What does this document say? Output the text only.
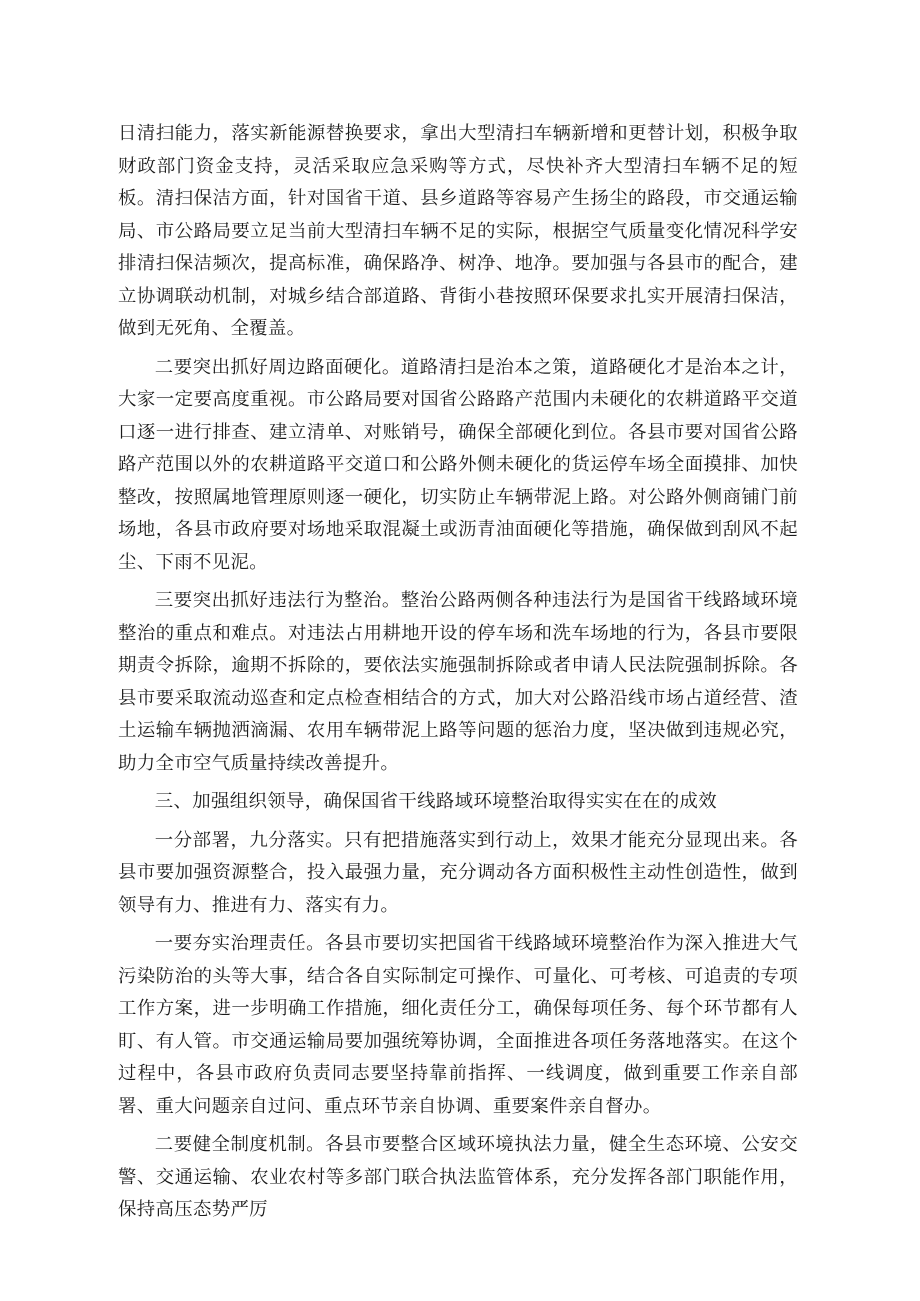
日清扫能力，落实新能源替换要求，拿出大型清扫车辆新增和更替计划，积极争取财政部门资金支持，灵活采取应急采购等方式，尽快补齐大型清扫车辆不足的短板。清扫保洁方面，针对国省干道、县乡道路等容易产生扬尘的路段，市交通运输局、市公路局要立足当前大型清扫车辆不足的实际，根据空气质量变化情况科学安排清扫保洁频次，提高标准，确保路净、树净、地净。要加强与各县市的配合，建立协调联动机制，对城乡结合部道路、背街小巷按照环保要求扎实开展清扫保洁，做到无死角、全覆盖。

二要突出抓好周边路面硬化。道路清扫是治本之策，道路硬化才是治本之计，大家一定要高度重视。市公路局要对国省公路路产范围内未硬化的农耕道路平交道口逐一进行排查、建立清单、对账销号，确保全部硬化到位。各县市要对国省公路路产范围以外的农耕道路平交道口和公路外侧未硬化的货运停车场全面摸排、加快整改，按照属地管理原则逐一硬化，切实防止车辆带泥上路。对公路外侧商铺门前场地，各县市政府要对场地采取混凝土或沥青油面硬化等措施，确保做到刮风不起尘、下雨不见泥。

三要突出抓好违法行为整治。整治公路两侧各种违法行为是国省干线路域环境整治的重点和难点。对违法占用耕地开设的停车场和洗车场地的行为，各县市要限期责令拆除，逾期不拆除的，要依法实施强制拆除或者申请人民法院强制拆除。各县市要采取流动巡查和定点检查相结合的方式，加大对公路沿线市场占道经营、渣土运输车辆抛洒滴漏、农用车辆带泥上路等问题的惩治力度，坚决做到违规必究，助力全市空气质量持续改善提升。

三、加强组织领导，确保国省干线路域环境整治取得实实在在的成效

一分部署，九分落实。只有把措施落实到行动上，效果才能充分显现出来。各县市要加强资源整合，投入最强力量，充分调动各方面积极性主动性创造性，做到领导有力、推进有力、落实有力。

一要夯实治理责任。各县市要切实把国省干线路域环境整治作为深入推进大气污染防治的头等大事，结合各自实际制定可操作、可量化、可考核、可追责的专项工作方案，进一步明确工作措施，细化责任分工，确保每项任务、每个环节都有人盯、有人管。市交通运输局要加强统筹协调，全面推进各项任务落地落实。在这个过程中，各县市政府负责同志要坚持靠前指挥、一线调度，做到重要工作亲自部署、重大问题亲自过问、重点环节亲自协调、重要案件亲自督办。

二要健全制度机制。各县市要整合区域环境执法力量，健全生态环境、公安交警、交通运输、农业农村等多部门联合执法监管体系，充分发挥各部门职能作用，保持高压态势严厉
